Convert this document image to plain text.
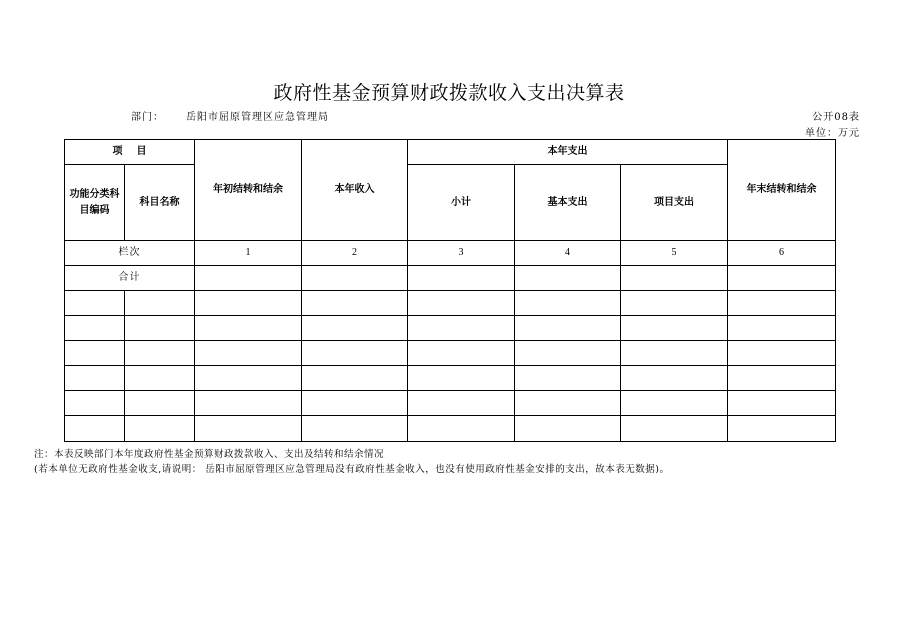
政府性基金预算财政拨款收入支出决算表
部门： 岳阳市屈原管理区应急管理局	公开08表
单位：万元
项目		年初结转和结余	本年收入	本年支出			年末结转和结余
功能分类科目编码	科目名称			小计	基本支出	项目支出	
栏次		1	2	3	4	5	6
合计							

注：本表反映部门本年度政府性基金预算财政拨款收入、支出及结转和结余情况
(若本单位无政府性基金收支,请说明： 岳阳市屈原管理区应急管理局没有政府性基金收入，也没有使用政府性基金安排的支出，故本表无数据)。
